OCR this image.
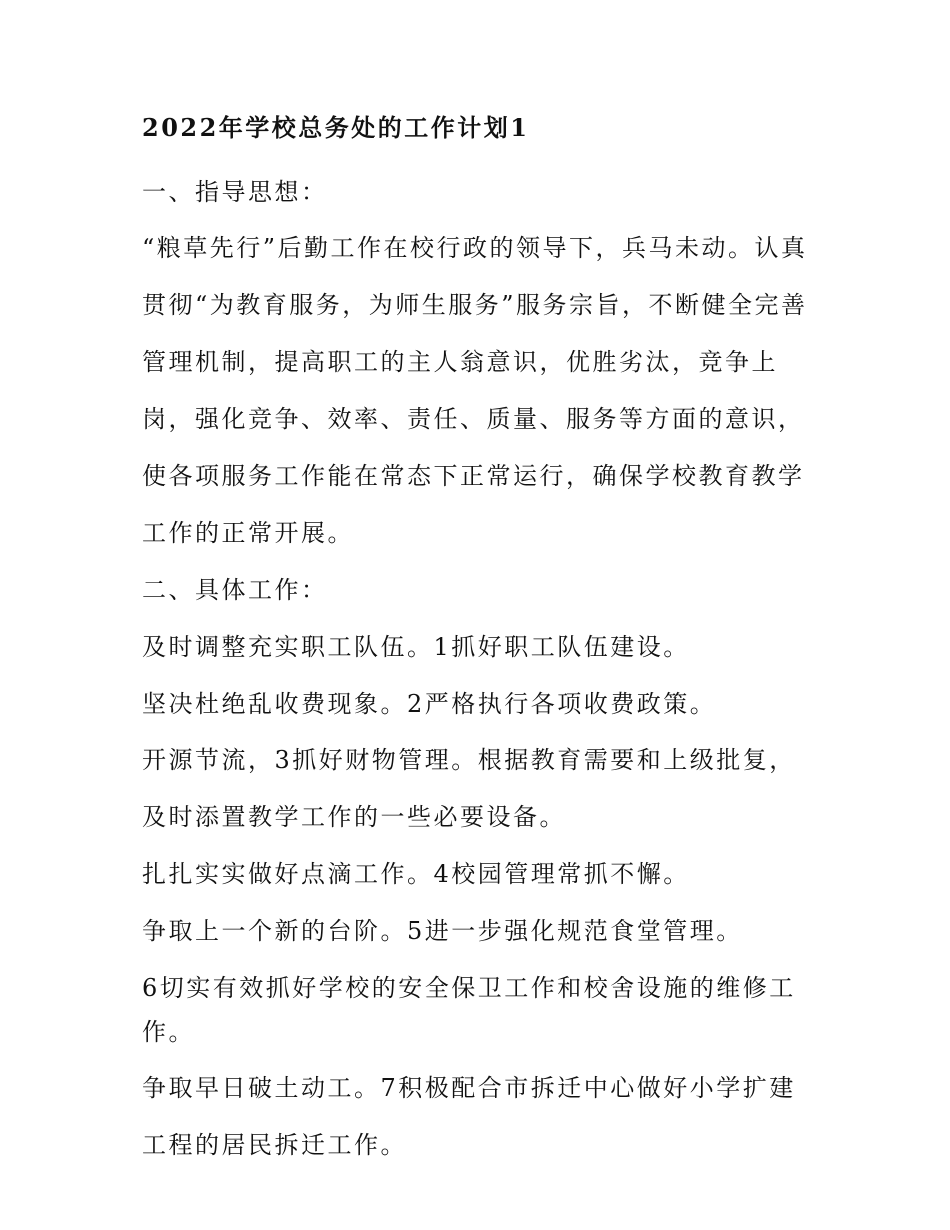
2022年学校总务处的工作计划1
一、指导思想：
“粮草先行”后勤工作在校行政的领导下，兵马未动。认真贯彻“为教育服务，为师生服务”服务宗旨，不断健全完善管理机制，提高职工的主人翁意识，优胜劣汰，竞争上岗，强化竞争、效率、责任、质量、服务等方面的意识，使各项服务工作能在常态下正常运行，确保学校教育教学工作的正常开展。
二、具体工作：
及时调整充实职工队伍。1抓好职工队伍建设。
坚决杜绝乱收费现象。2严格执行各项收费政策。
开源节流，3抓好财物管理。根据教育需要和上级批复，及时添置教学工作的一些必要设备。
扎扎实实做好点滴工作。4校园管理常抓不懈。
争取上一个新的台阶。5进一步强化规范食堂管理。
6切实有效抓好学校的安全保卫工作和校舍设施的维修工作。
争取早日破土动工。7积极配合市拆迁中心做好小学扩建工程的居民拆迁工作。
